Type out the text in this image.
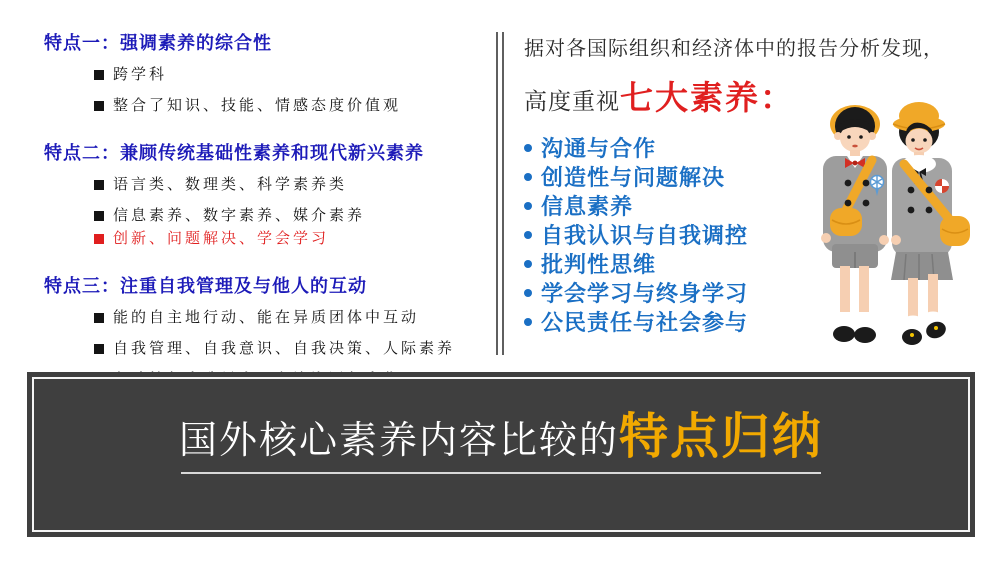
特点一：强调素养的综合性
跨学科
整合了知识、技能、情感态度价值观
特点二：兼顾传统基础性素养和现代新兴素养
语言类、数理类、科学素养类
信息素养、数字素养、媒介素养
创新、问题解决、学会学习
特点三：注重自我管理及与他人的互动
能的自主地行动、能在异质团体中互动
自我管理、自我意识、自我决策、人际素养
据对各国际组织和经济体中的报告分析发现，
高度重视七大素养：
沟通与合作
创造性与问题解决
信息素养
自我认识与自我调控
批判性思维
学会学习与终身学习
公民责任与社会参与
国外核心素养内容比较的特点归纳
